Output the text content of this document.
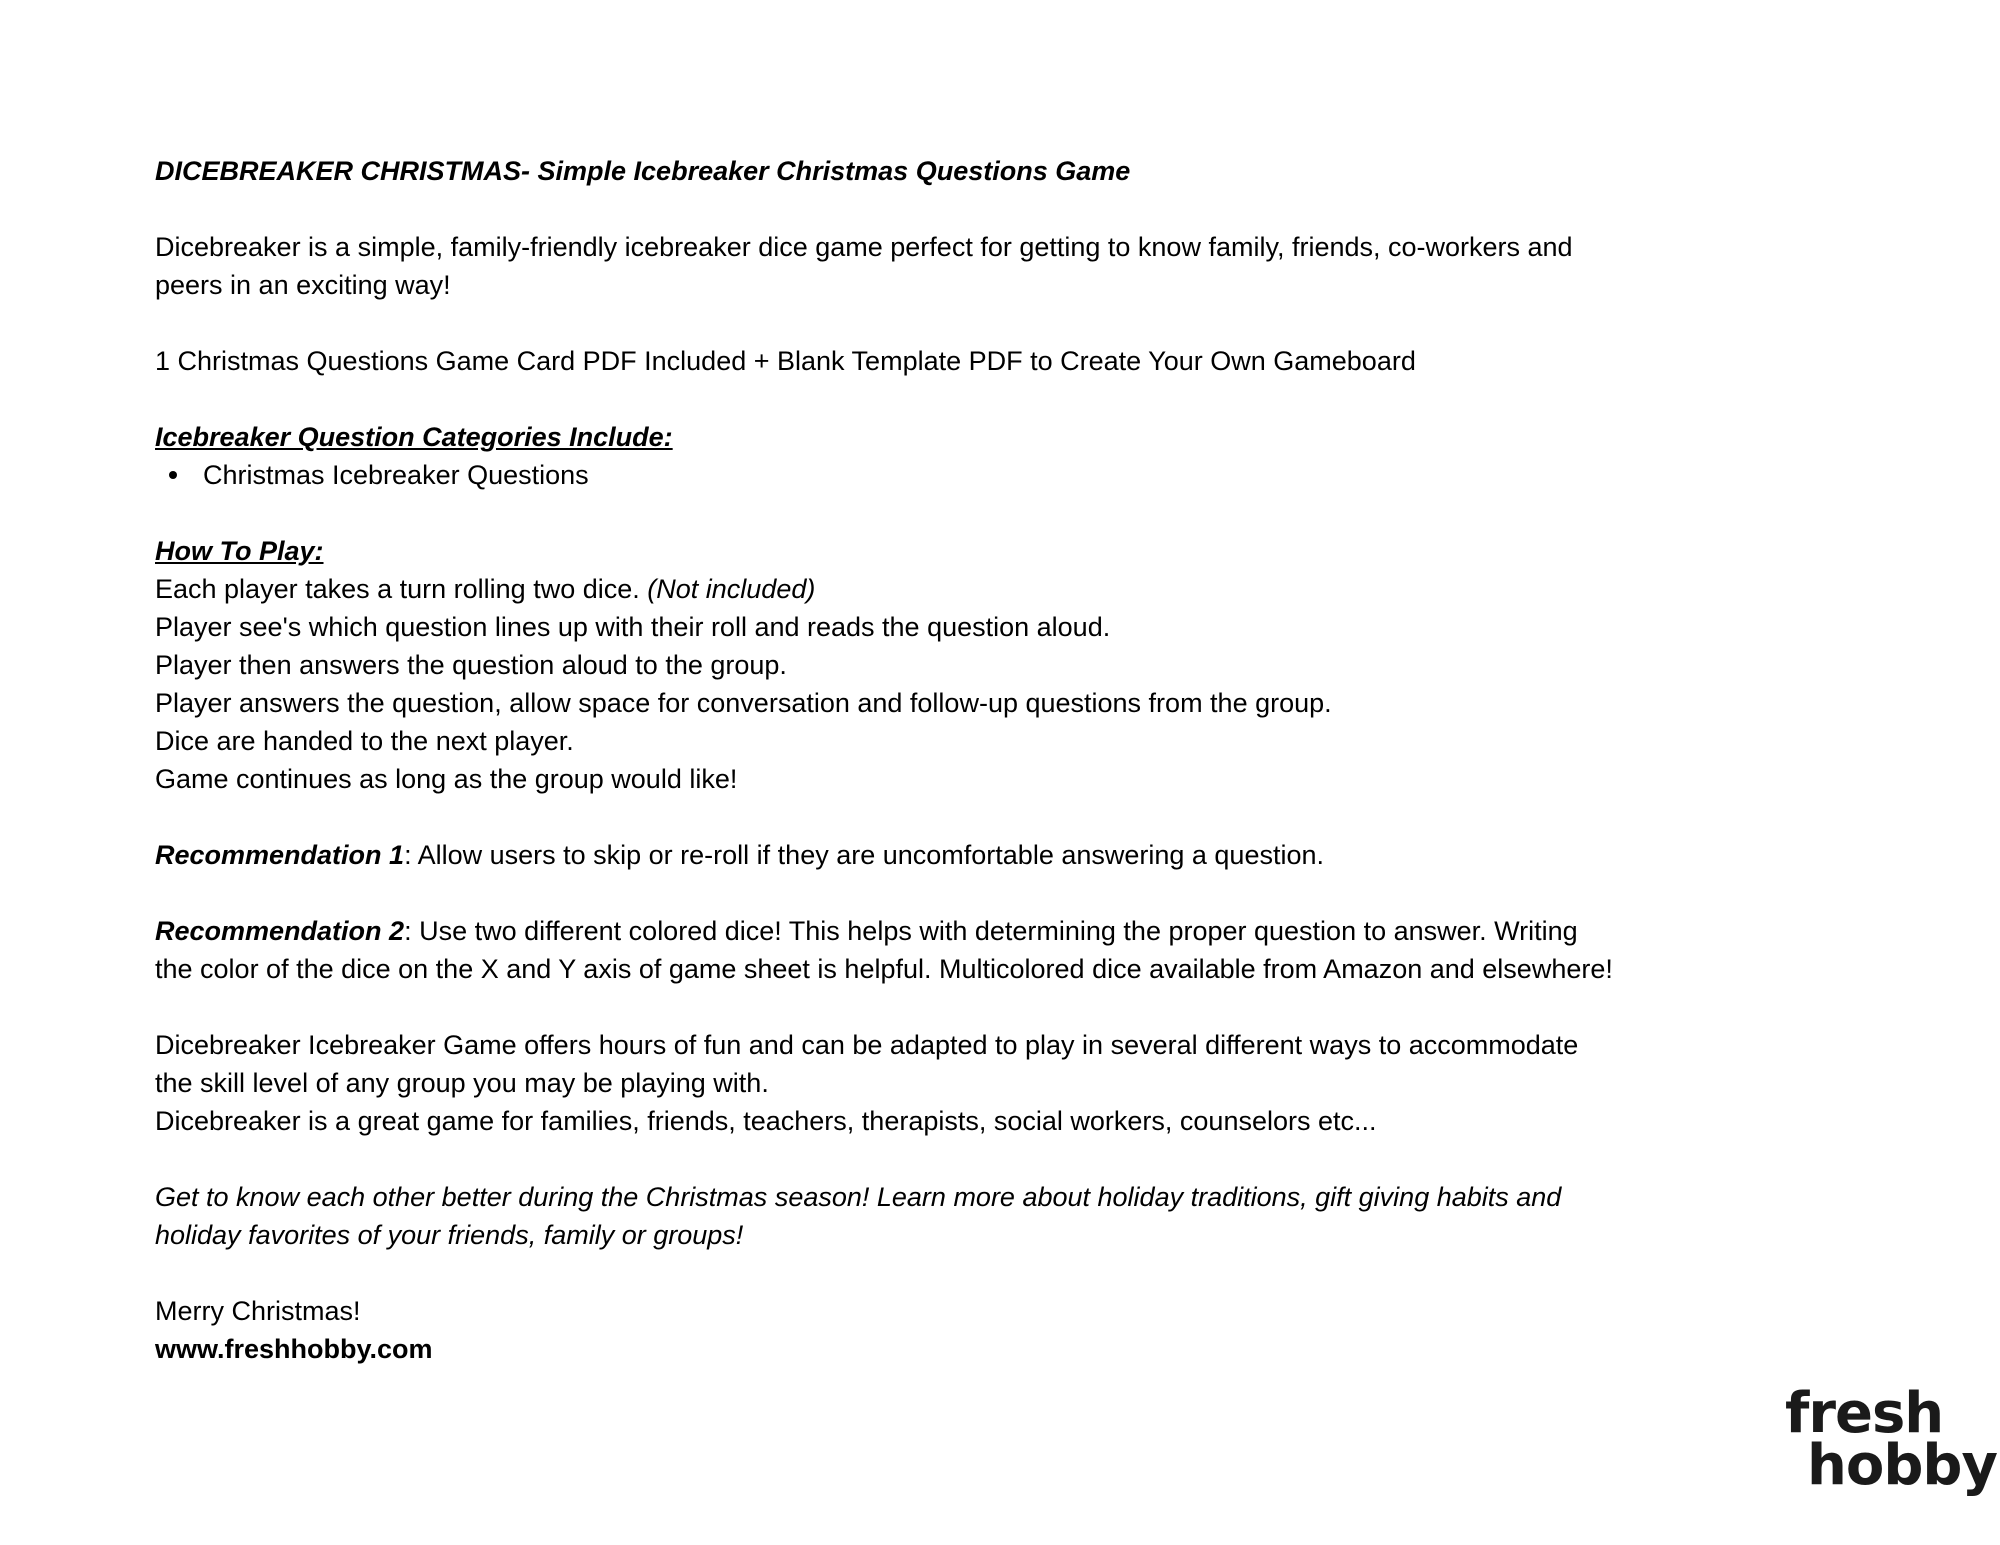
DICEBREAKER CHRISTMAS- Simple Icebreaker Christmas Questions Game

Dicebreaker is a simple, family-friendly icebreaker dice game perfect for getting to know family, friends, co-workers and

peers in an exciting way!

1 Christmas Questions Game Card PDF Included + Blank Template PDF to Create Your Own Gameboard

Icebreaker Question Categories Include:

Christmas Icebreaker Questions

How To Play:

Each player takes a turn rolling two dice. (Not included)

Player see's which question lines up with their roll and reads the question aloud.

Player then answers the question aloud to the group.

Player answers the question, allow space for conversation and follow-up questions from the group.

Dice are handed to the next player.

Game continues as long as the group would like!

Recommendation 1: Allow users to skip or re-roll if they are uncomfortable answering a question.

Recommendation 2: Use two different colored dice! This helps with determining the proper question to answer. Writing

the color of the dice on the X and Y axis of game sheet is helpful. Multicolored dice available from Amazon and elsewhere!

Dicebreaker Icebreaker Game offers hours of fun and can be adapted to play in several different ways to accommodate

the skill level of any group you may be playing with.

Dicebreaker is a great game for families, friends, teachers, therapists, social workers, counselors etc...

Get to know each other better during the Christmas season! Learn more about holiday traditions, gift giving habits and

holiday favorites of your friends, family or groups!

Merry Christmas!

www.freshhobby.com

fresh
hobby
